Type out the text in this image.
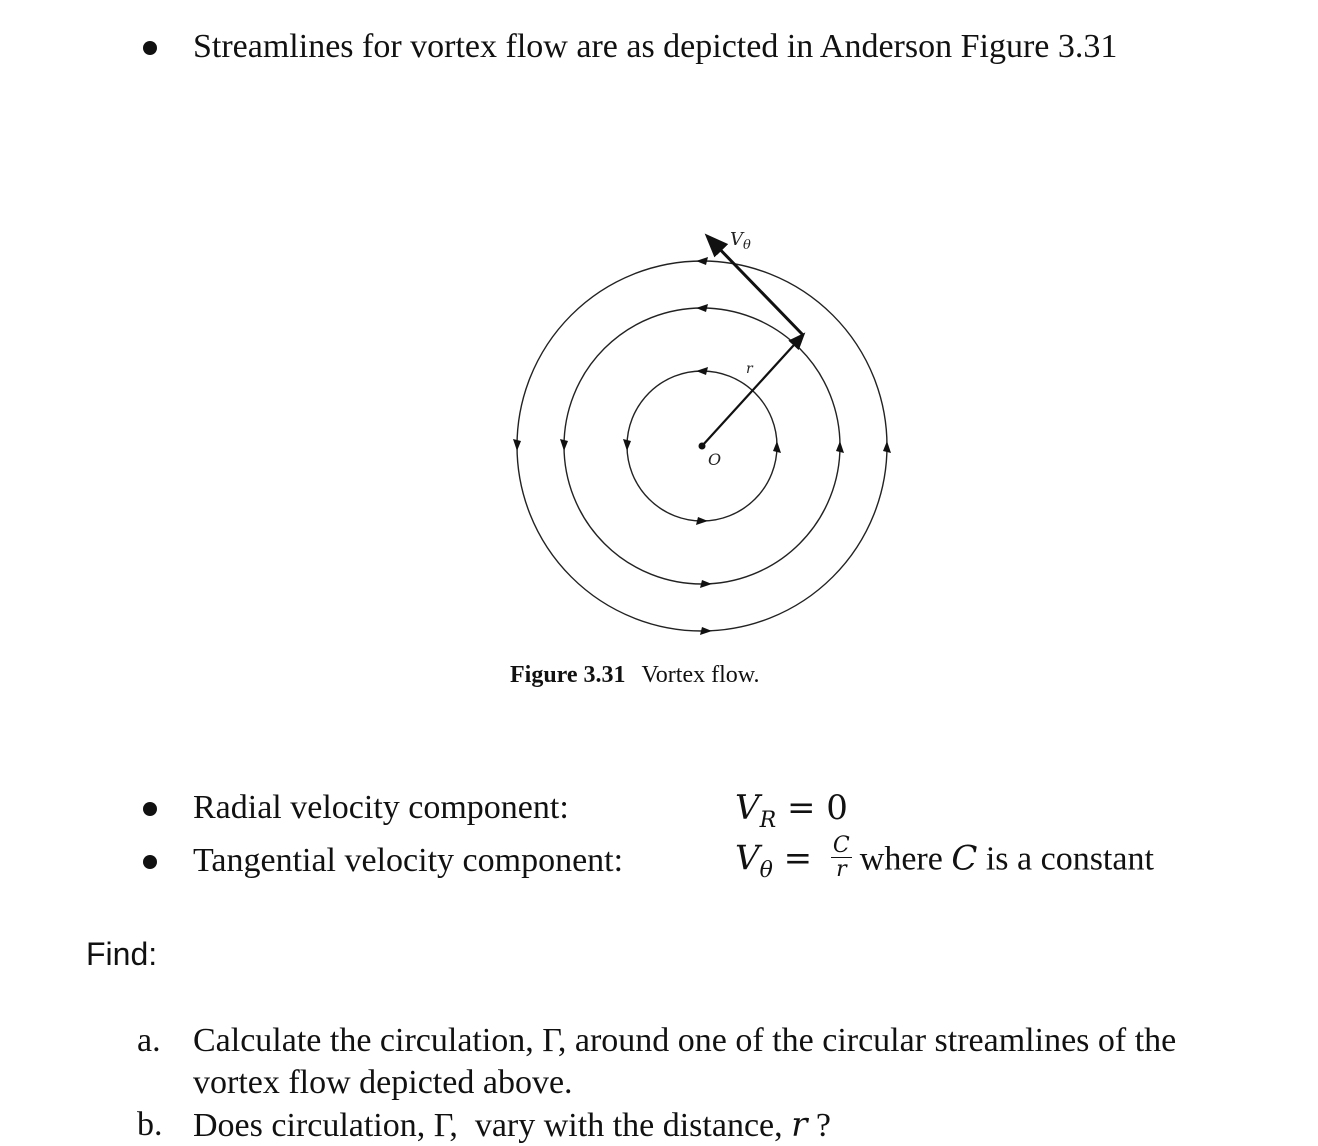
Streamlines for vortex flow are as depicted in Anderson Figure 3.31
$V_\theta$
r
O
Figure 3.31 Vortex flow.
Radial velocity component:	$V_R = 0$
Tangential velocity component:	$V_\theta = \frac{C}{r}$ where C is a constant
Find:
a. Calculate the circulation, Γ, around one of the circular streamlines of the
vortex flow depicted above.
b. Does circulation, Γ,  vary with the distance, r ?
